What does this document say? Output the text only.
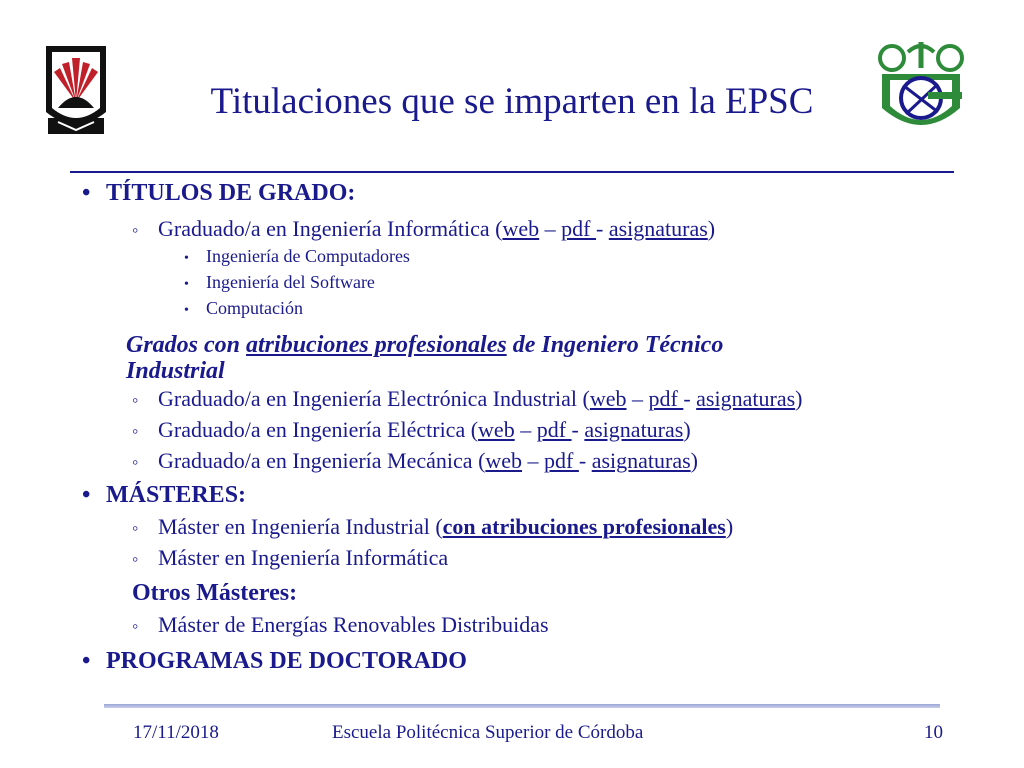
Titulaciones que se imparten en la EPSC
• TÍTULOS DE GRADO:
◦ Graduado/a en Ingeniería Informática (web – pdf - asignaturas)
• Ingeniería de Computadores
• Ingeniería del Software
• Computación
Grados con atribuciones profesionales de Ingeniero Técnico
Industrial
◦ Graduado/a en Ingeniería Electrónica Industrial (web – pdf - asignaturas)
◦ Graduado/a en Ingeniería Eléctrica (web – pdf - asignaturas)
◦ Graduado/a en Ingeniería Mecánica (web – pdf - asignaturas)
• MÁSTERES:
◦ Máster en Ingeniería Industrial (con atribuciones profesionales)
◦ Máster en Ingeniería Informática
Otros Másteres:
◦ Máster de Energías Renovables Distribuidas
• PROGRAMAS DE DOCTORADO
17/11/2018	Escuela Politécnica Superior de Córdoba	10
